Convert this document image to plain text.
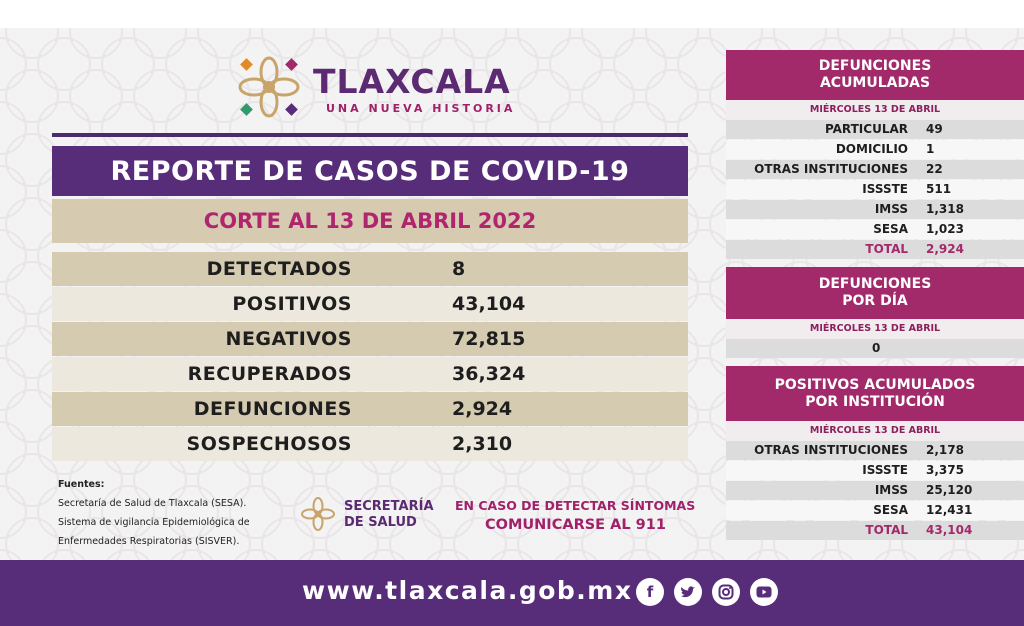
TLAXCALA
UNA NUEVA HISTORIA
REPORTE DE CASOS DE COVID-19
CORTE AL 13 DE ABRIL 2022
DETECTADOS	8
POSITIVOS	43,104
NEGATIVOS	72,815
RECUPERADOS	36,324
DEFUNCIONES	2,924
SOSPECHOSOS	2,310
Fuentes:
Secretaría de Salud de Tlaxcala (SESA).
Sistema de vigilancia Epidemiológica de
Enfermedades Respiratorias (SISVER).
SECRETARÍA
DE SALUD
EN CASO DE DETECTAR SÍNTOMAS
COMUNICARSE AL 911
www.tlaxcala.gob.mx f
DEFUNCIONES
ACUMULADAS
MIÉRCOLES 13 DE ABRIL
PARTICULAR 49
DOMICILIO 1
OTRAS INSTITUCIONES 22
ISSSTE 511
IMSS 1,318
SESA 1,023
TOTAL 2,924
DEFUNCIONES
POR DÍA
MIÉRCOLES 13 DE ABRIL
0
POSITIVOS ACUMULADOS
POR INSTITUCIÓN
MIÉRCOLES 13 DE ABRIL
OTRAS INSTITUCIONES 2,178
ISSSTE 3,375
IMSS 25,120
SESA 12,431
TOTAL 43,104
